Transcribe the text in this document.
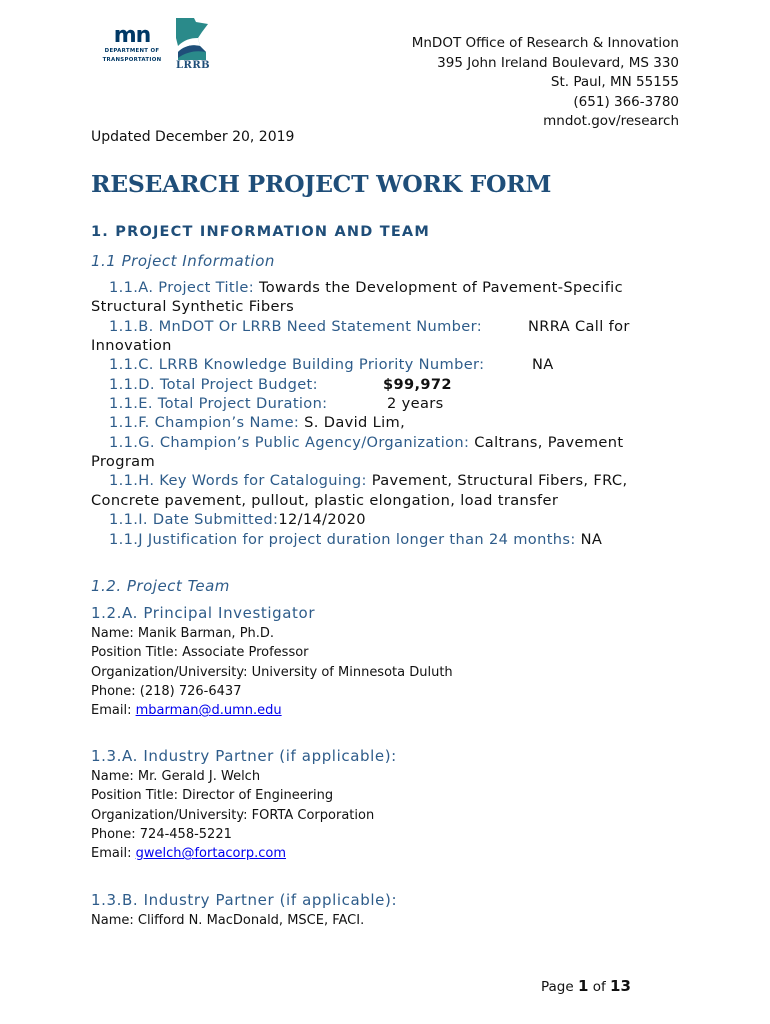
mn
DEPARTMENT OF
TRANSPORTATION
LRRB
MnDOT Office of Research & Innovation
395 John Ireland Boulevard, MS 330
St. Paul, MN 55155
(651) 366-3780
mndot.gov/research
Updated December 20, 2019
RESEARCH PROJECT WORK FORM
1. PROJECT INFORMATION AND TEAM
1.1 Project Information
1.1.A. Project Title: Towards the Development of Pavement-Specific
Structural Synthetic Fibers
1.1.B. MnDOT Or LRRB Need Statement Number:	NRRA Call for
Innovation
1.1.C. LRRB Knowledge Building Priority Number:	NA
1.1.D. Total Project Budget:	$99,972
1.1.E. Total Project Duration:	2 years
1.1.F. Champion’s Name: S. David Lim,
1.1.G. Champion’s Public Agency/Organization: Caltrans, Pavement
Program
1.1.H. Key Words for Cataloguing: Pavement, Structural Fibers, FRC,
Concrete pavement, pullout, plastic elongation, load transfer
1.1.I. Date Submitted:12/14/2020
1.1.J Justification for project duration longer than 24 months: NA
1.2. Project Team
1.2.A. Principal Investigator
Name: Manik Barman, Ph.D.
Position Title: Associate Professor
Organization/University: University of Minnesota Duluth
Phone: (218) 726-6437
Email: mbarman@d.umn.edu
1.3.A. Industry Partner (if applicable):
Name: Mr. Gerald J. Welch
Position Title: Director of Engineering
Organization/University: FORTA Corporation
Phone: 724-458-5221
Email: gwelch@fortacorp.com
1.3.B. Industry Partner (if applicable):
Name: Clifford N. MacDonald, MSCE, FACI.
Page 1 of 13
